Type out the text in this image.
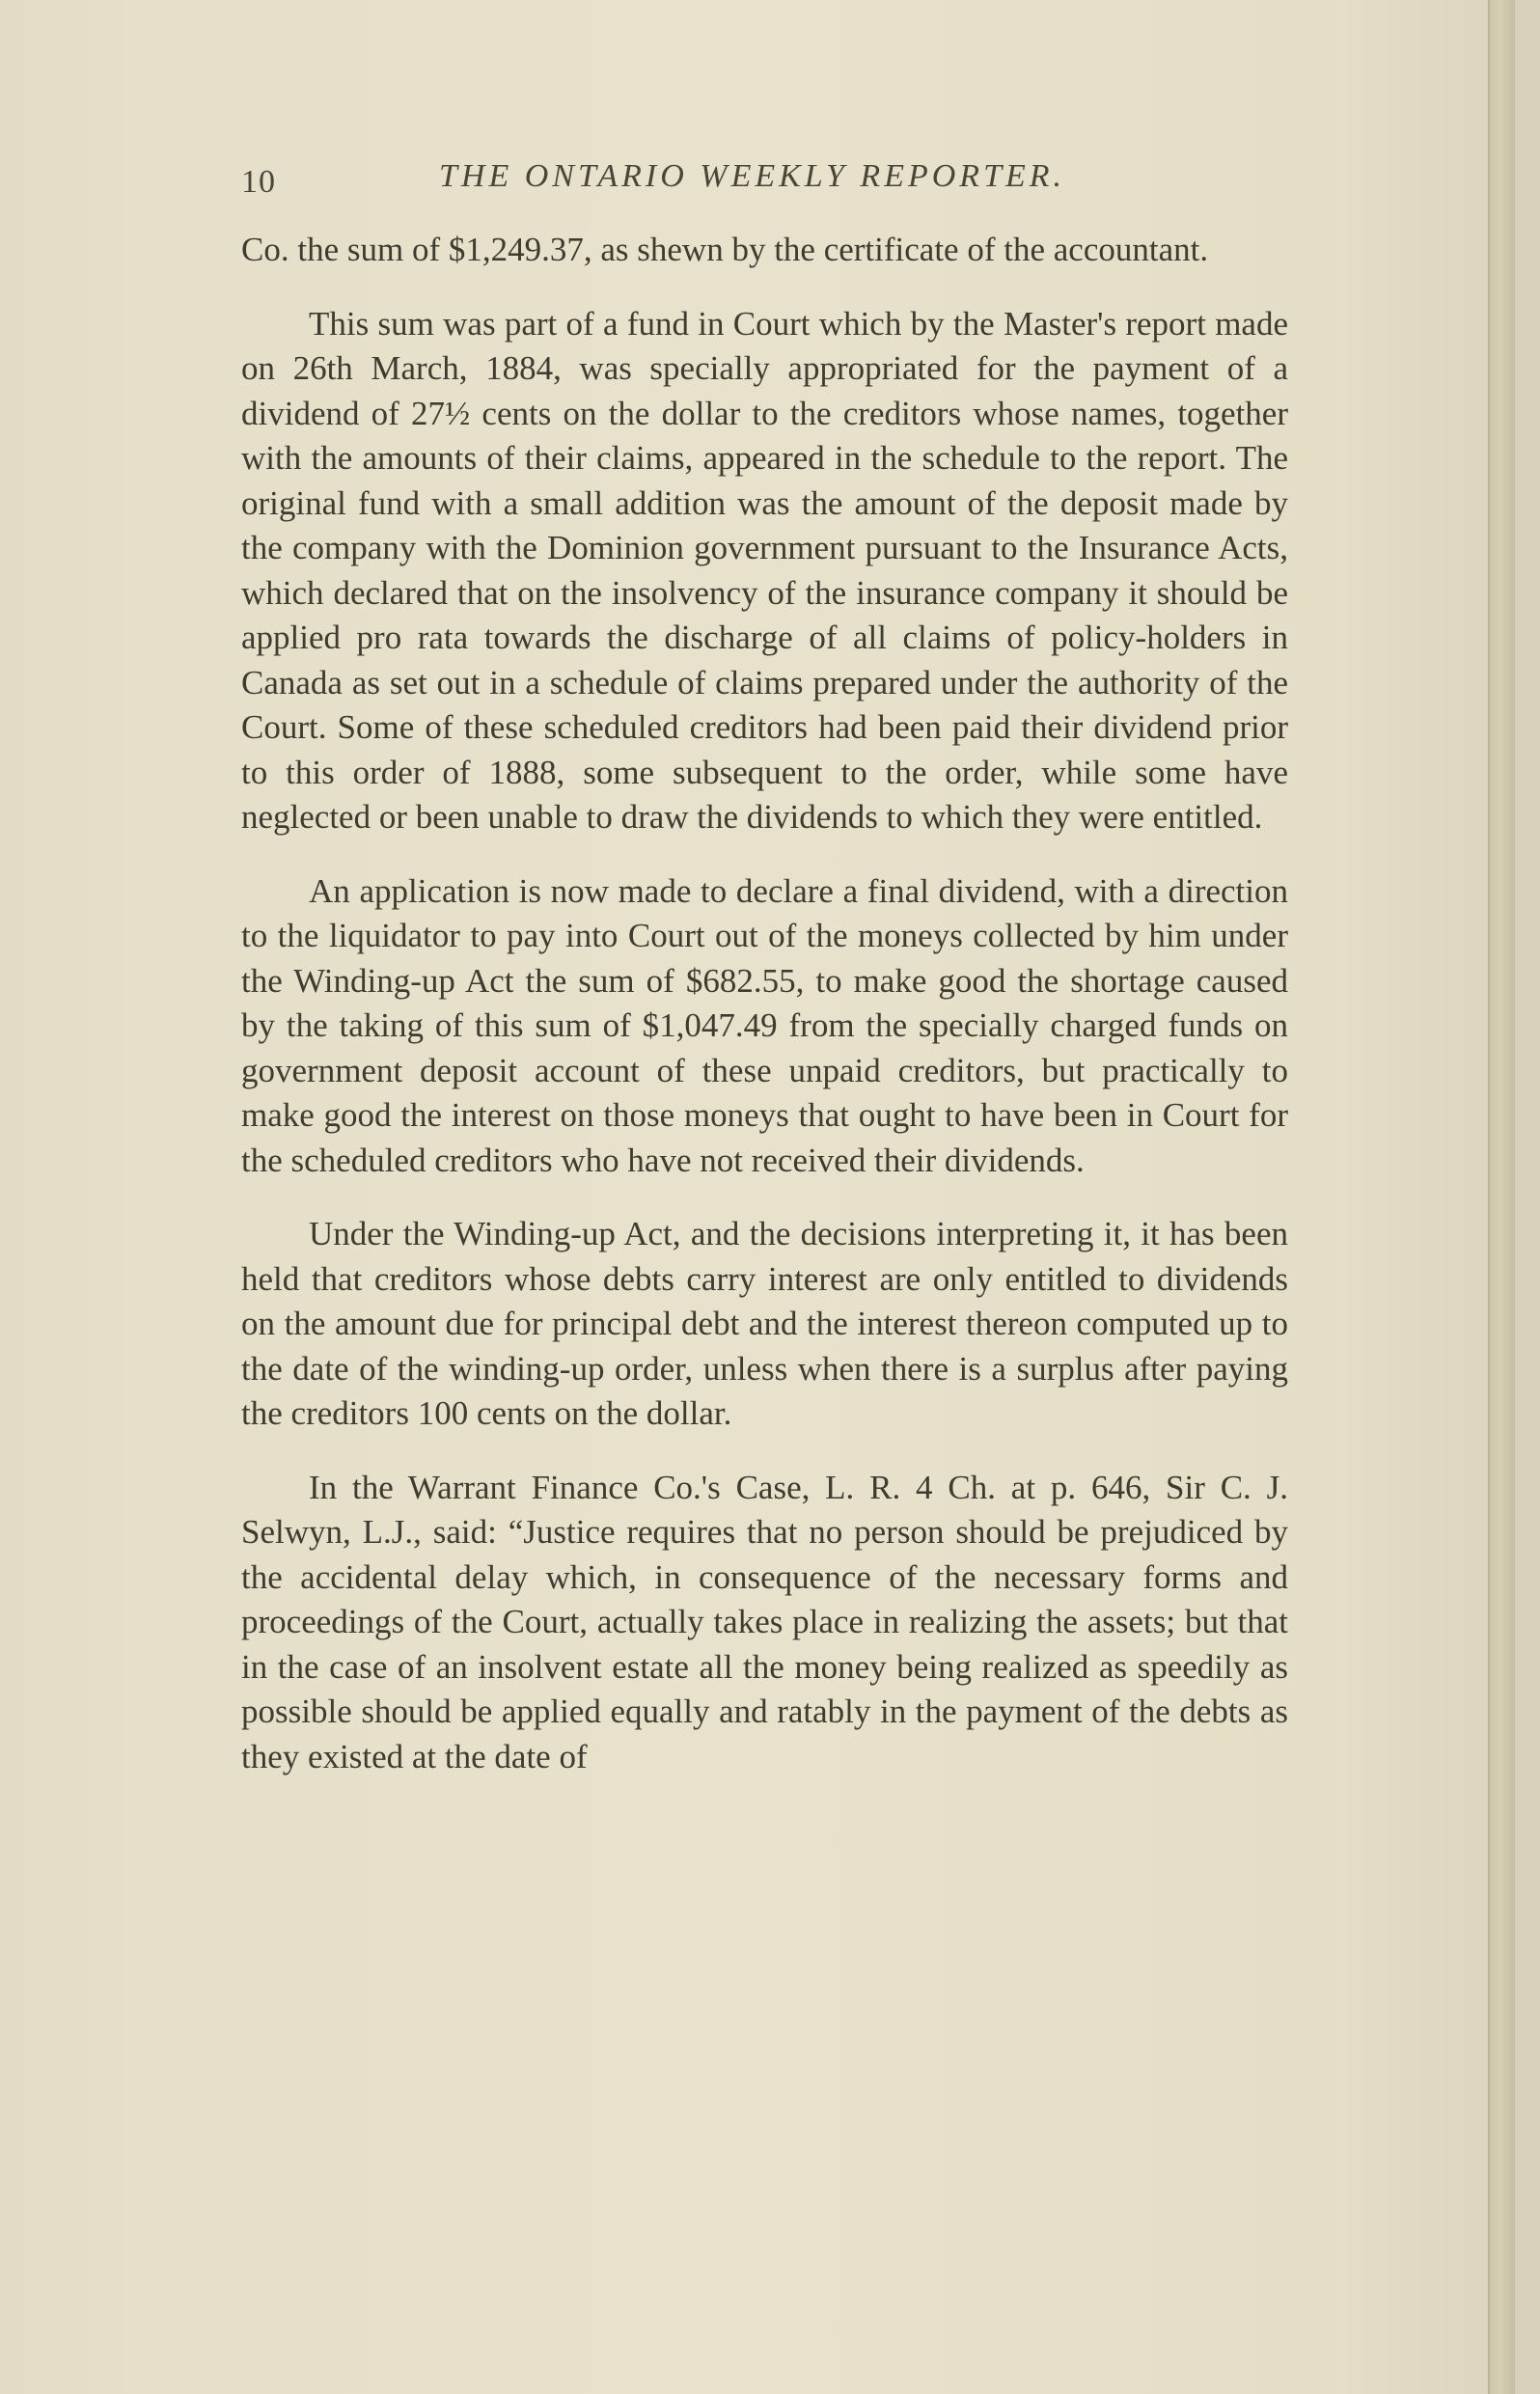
10	THE ONTARIO WEEKLY REPORTER.

Co. the sum of $1,249.37, as shewn by the certificate of the accountant.

This sum was part of a fund in Court which by the Master's report made on 26th March, 1884, was specially appropriated for the payment of a dividend of 27½ cents on the dollar to the creditors whose names, together with the amounts of their claims, appeared in the schedule to the report. The original fund with a small addition was the amount of the deposit made by the company with the Dominion government pursuant to the Insurance Acts, which declared that on the insolvency of the insurance company it should be applied pro rata towards the discharge of all claims of policy-holders in Canada as set out in a schedule of claims prepared under the authority of the Court. Some of these scheduled creditors had been paid their dividend prior to this order of 1888, some subsequent to the order, while some have neglected or been unable to draw the dividends to which they were entitled.

An application is now made to declare a final dividend, with a direction to the liquidator to pay into Court out of the moneys collected by him under the Winding-up Act the sum of $682.55, to make good the shortage caused by the taking of this sum of $1,047.49 from the specially charged funds on government deposit account of these unpaid creditors, but practically to make good the interest on those moneys that ought to have been in Court for the scheduled creditors who have not received their dividends.

Under the Winding-up Act, and the decisions interpreting it, it has been held that creditors whose debts carry interest are only entitled to dividends on the amount due for principal debt and the interest thereon computed up to the date of the winding-up order, unless when there is a surplus after paying the creditors 100 cents on the dollar.

In the Warrant Finance Co.'s Case, L. R. 4 Ch. at p. 646, Sir C. J. Selwyn, L.J., said: “Justice requires that no person should be prejudiced by the accidental delay which, in consequence of the necessary forms and proceedings of the Court, actually takes place in realizing the assets; but that in the case of an insolvent estate all the money being realized as speedily as possible should be applied equally and ratably in the payment of the debts as they existed at the date of
